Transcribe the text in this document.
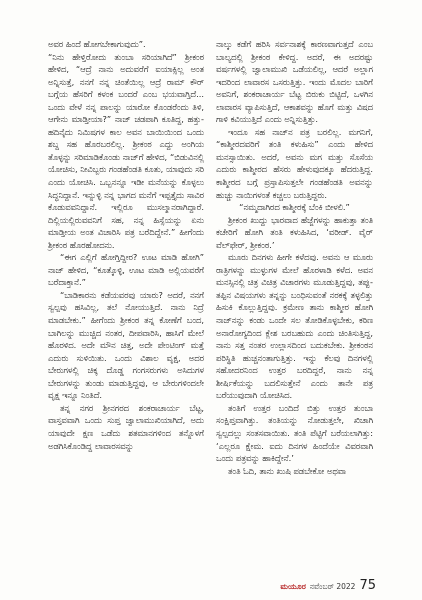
ಅವರ ಹಿಂದೆ ಹೋಗಬೇಕಾಗುವುದು”.

“ನಿನು ಹೇಳ್ತಿರೋದು ತುಂಬಾ ಸರಿಯಾಗಿದೆ” ಶ್ರೀಕಂಠ ಹೇಳಿದ, “ಆದ್ರೆ ನಾನು ಅದುವರೆಗೆ ಐಯಾಕ್ಸಿಲ್ಲ ಅಂತ ಅನ್ನಿಸುತ್ತೆ, ನನಗೆ ನನ್ನ ಚಿಂತೆಯಿಲ್ಲ ಆದ್ರೆ ರಾಮ್ ಕೌರ್ ಬಗ್ಗೆಯ ಹೆಸರಿಗೆ ಕಳಂಕ ಬಂದರೆ ಎಂಬ ಭಯವಾಗ್ತಿದೆ... ಒಂದು ವೇಳೆ ನನ್ನ ಪಾಲನ್ನು ಯಾರೋ ಕೊಂಡರೆಂದು ತಿಳಿ, ಆಗೇನು ಮಾಡ್ತೀಯಾ?” ನಾಜ್ ಚಡಪಾಗಿ ಕೂತಿದ್ದ, ಹತ್ತು-ಹದಿನೈದು ನಿಮಿಷಗಳ ಕಾಲ ಅವನ ಬಾಯಿಯಿಂದ ಒಂದು ಶಬ್ದ ಸಹ ಹೊರಬರಲಿಲ್ಲ. ಶ್ರೀಕಂಠ ಎದ್ದು ಅಂಗಿಯ ತೊಳ್ಳನ್ನು ಸರಿಮಾಡಿಕೊಂಡು ನಾಜ್‌ಗೆ ಹೇಳಿದ, “ಬಿಡುವಿನಲ್ಲಿ ಯೋಚಿಸು, ನೀವಿಬ್ಬರು ಗಂಡಹೆಂಡತಿ ಕೂತು, ಯಾವುದು ಸರಿ ಎಂದು ಯೋಚಿಸಿ. ಒಬ್ಬನನ್ನೂ ಇಡೀ ಮನೆಯನ್ನು ಕೊಳ್ಳಲು ಸಿದ್ಧನಿದ್ದಾನೆ. ಇನ್ನುಳ್ಳಿ ನನ್ನ ಭಾಗದ ಮನೆಗೆ ಇಪ್ಪತ್ತೈದು ಸಾವಿರ ಕೊಡುವವನಿದ್ದಾನೆ. ಇಲ್ಲಿರೂ ಮುಸಲ್ಮಾನರಾಗಿದ್ದಾರೆ. ದಿಲ್ಲಿಯಲ್ಲಿರುವವನಿಗೆ ಸಹ, ನನ್ನ ಹಿಸ್ಸೆಯನ್ನು ಏನು ಮಾಡ್ತೀಯ ಅಂತ ವಿಚಾರಿಸಿ ಪತ್ರ ಬರೆದಿದ್ದೇನೆ.” ಹೀಗೆಂದು ಶ್ರೀಕಂಠ ಹೊರಹೋದನು.

“ಈಗ ಎಲ್ಲಿಗೆ ಹೋಗ್ತಿದ್ದೀರ? ಊಟ ಮಾಡಿ ಹೋಗಿ” ನಾಜ್ ಹೇಳಿದ, “ಕೂತ್ಕೊಳ್ಳಿ, ಊಟ ಮಾಡಿ ಅಲ್ಲಿಯವರೆಗೆ ಬರೆದಾಕ್ತಾನೆ.”

“ಬಾಡಿಕಾರನು ಕಡೆಯವರವು ಯಾರು? ಅದರೆ, ನನಗೆ ಸ್ವಲ್ಪವು ಹಸಿವಿಲ್ಲ, ತಲೆ ನೋಯುತ್ತಿದೆ. ನಾನು ನಿದ್ರೆ ಮಾಡಬೇಕು.” ಹೀಗೆಂದು ಶ್ರೀಕಂಠ ತನ್ನ ಕೋಣೆಗೆ ಬಂದ, ಬಾಗಿಲನ್ನು ಮುಚ್ಚಿದ ನಂತರ, ದೀಪವಾರಿಸಿ, ಹಾಸಿಗೆ ಮೇಲೆ ಹೊರಳಿದ. ಅದೇ ಮೌನ ಚಿತ್ತ, ಅದೇ ಪೇಂಟಿಂಗ್ ಮತ್ತೆ ಎದುರು ಸುಳಿಯಿತು. ಒಂದು ವಿಶಾಲ ವೃಕ್ಷ, ಅದರ ಬೇರುಗಳಲ್ಲಿ ಚಿಕ್ಕ ದೊಡ್ಡ ಗಂಗಸರುಗಳು ಅಸಿದುಗಳ ಬೇರುಗಳನ್ನು ತುಂಡು ಮಾಡುತ್ತಿದ್ದವು, ಆ ಬೇರುಗಳಿಂದಲೇ ವೃಕ್ಷ ಇನ್ನೂ ನಿಂತಿದೆ.

ತನ್ನ ನಗರ ಶ್ರೀನಗರದ ಶಂಕರಾಚಾರ್ಯ ಬೆಟ್ಟ, ವಾಸ್ತವವಾಗಿ ಒಂದು ಸುಪ್ತ ಜ್ವಾಲಾಮುಖಿಯಾಗಿದೆ, ಅದು ಯಾವುದೇ ಕ್ಷಣ ಒಡೆದು ಶತಮಾನಗಳಿಂದ ತನ್ನೊಳಗೆ ಅಡಗಿಸಿಕೊಂಡಿದ್ದ ಲಾವಾರಸವನ್ನು

ನಾಲ್ಕು ಕಡೆಗೆ ಹರಿಸಿ ಸರ್ವನಾಶಕ್ಕೆ ಕಾರಣವಾಗುತ್ತದೆ ಎಂಬ ಬಾಲ್ಯದಲ್ಲಿ ಶ್ರೀಕಂಠ ಕೇಳಿದ್ದ. ಅದರೆ, ಈ ಅದರಷ್ಟು ವರ್ಷಗಳಲ್ಲಿ ಜ್ವಾಲಾಮುಖಿ ಒಡೆಯಲಿಲ್ಲ, ಆದರೆ ಅಲ್ಲಾಗ ಇದರಿಂದ ಲಾವಾರಸ ಒಸರುತ್ತಿತ್ತು. ಇಂದು ಮೊದಲ ಬಾರಿಗೆ ಅವನಿಗೆ, ಶಂಕರಾಚಾರ್ಯ ಬೆಟ್ಟ ಬಿರುಕು ಬಿಟ್ಟಿದೆ, ಒಳಗಿನ ಲಾವಾರಸ ವ್ಯಾಪಿಸುತ್ತಿದೆ, ಆಕಾಶವನ್ನು ಹೊಗೆ ಮತ್ತು ವಿಷದ ಗಾಳಿ ಕವಿಯುತ್ತಿದೆ ಎಂದು ಅನ್ನಿಸುತ್ತಿತ್ತು.

ಇಂದೂ ಸಹ ನಾಜ್‌ನ ಪತ್ರ ಬರಲಿಲ್ಲ. ಮಗನಿಗೆ, “ಕಾಶ್ಮೀರದವರಿಗೆ ತಂತಿ ಕಳುಹಿಸು” ಎಂದು ಹೇಳಿದ ಮನಸ್ಸಾಯಿತು. ಅದರೆ, ಅವನು ಮಗ ಮತ್ತು ಸೊಸೆಯ ಎದುರು ಕಾಶ್ಮೀರದ ಹೆಸರು ಹೇಳುವುದಕ್ಕೂ ಹೆದರುತ್ತಿದ್ದ. ಕಾಶ್ಮೀರದ ಬಗ್ಗೆ ಪ್ರಸ್ತಾಪಿಸುತ್ತಲೇ ಗಂಡಹೆಂಡತಿ ಅವನನ್ನು ಹುಚ್ಚು ನಾಯಿಗಳಂತೆ ಕಚ್ಚಲು ಬರುತ್ತಿದ್ದರು.

“ನಮ್ಮದಾಗಿರದ ಕಾಶ್ಮೀರಕ್ಕೆ ಬೆಂಕಿ ಬೀಳಲಿ.”

ಶ್ರೀಕಂಠ ಖುದ್ದು ಭಾರವಾದ ಹೆಜ್ಜೆಗಳನ್ನು ಹಾಕುತ್ತಾ ತಂತಿ ಕಚೇರಿಗೆ ಹೋಗಿ ತಂತಿ ಕಳುಹಿಸಿದ, ‘ವರೀಡ್. ವೈರ್ ವೆಲ್‌ಫೇರ್, ಶ್ರೀಕಂಠ.’

ಮೂರು ದಿನಗಳು ಹೀಗೇ ಕಳೆದವು. ಅವನು ಆ ಮೂರು ರಾತ್ರಿಗಳನ್ನು ಮುಳ್ಳುಗಳ ಮೇಲೆ ಹೊರಳಾಡಿ ಕಳೆದ. ಅವನ ಮನಸ್ಸಿನಲ್ಲಿ ಚಿತ್ರ ವಿಚಿತ್ರ ವಿಚಾರಗಳು ಮೂಡುತ್ತಿದ್ದವು, ತಪ್ಪು-ತಪ್ಪಿನ ವಿಷಯಗಳು ತನ್ನನ್ನು ಬಂಧಿಸುವಂತೆ ನರಕಕ್ಕೆ ತಳ್ಳಲಿತ್ತು ಹಿಸುಕಿ ಕೊಲ್ಲುತ್ತಿದ್ದವು. ಕ್ರಮೇಣ ತಾನು ಕಾಶ್ಮೀರ ಹೋಗಿ ನಾಜ್‌ನನ್ನು ಕಂಡು ಒಂದೇ ಸಲ ತೋಡಿಕೊಳ್ಳಬೇಕು, ಕಠಿಣ ಅನಾರೋಗ್ಯದಿಂದ ಕ್ಲೇಶ ಬರಬಹುದು ಎಂದು ಚಿಂತಿಸುತ್ತಿದ್ದ, ನಾನು ಸತ್ತ ನಂತರ ಉಲ್ಲಾಸದಿಂದ ಬದುಕಬೇಕು. ಶ್ರೀಕಂಠನ ಪರಿಸ್ಥಿತಿ ಹುಚ್ಚನಂತಾಗುತ್ತಿತ್ತು. ಇನ್ನು ಕೆಲವು ದಿನಗಳಲ್ಲಿ ಸಹೋದರನಿಂದ ಉತ್ತರ ಬರದಿದ್ದರೆ, ನಾನು ನನ್ನ ಶೀರ್ಷಿಕೆಯನ್ನು ಬದಲಿಸುತ್ತೇನೆ ಎಂದು ತಾನೇ ಪತ್ರ ಬರೆಯುವುದಾಗಿ ಯೋಚಿಸಿದ.

ತಂತಿಗೆ ಉತ್ತರ ಬಂದಿದೆ ಬಿತ್ತು ಉತ್ತರ ತುಂಬಾ ಸಂಕ್ಷಿಪ್ತವಾಗಿತ್ತು. ತಂತಿಯನ್ನು ನೋಡುತ್ತಲೇ, ಖಿಚಾಗಿ ಸ್ವಲ್ಪದಲ್ಲು ಸಂತಸವಾಯಿತು. ತಂತಿ ಪೆಟ್ಟಿಗೆ ಬರೆಯಲಾಗಿತ್ತು: ‘ಎಲ್ಲರೂ ಕ್ಷೇಮ. ಐದು ದಿನಗಳ ಹಿಂದೆಯೇ ವಿವರವಾಗಿ ಒಂದು ಪತ್ರವನ್ನು ಹಾಕಿದ್ದೇನೆ.’

ತಂತಿ ಓದಿ, ತಾನು ಖುಷಿ ಪಡಬೇಕೋ ಅಥವಾ

ಮಯೂರ ನವೆಂಬರ್ 2022 75
